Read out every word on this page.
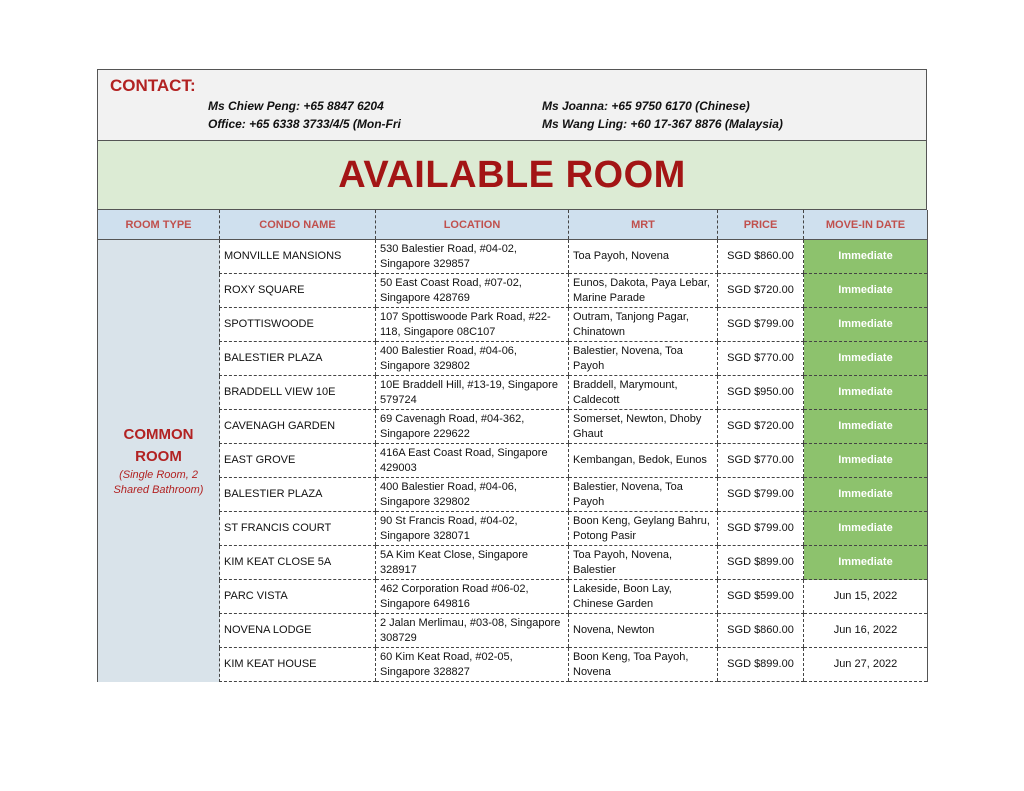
CONTACT:
Ms Chiew Peng: +65 8847 6204
Office: +65 6338 3733/4/5 (Mon-Fri
Ms Joanna: +65 9750 6170 (Chinese)
Ms Wang Ling: +60 17-367 8876 (Malaysia)
AVAILABLE ROOM
ROOM TYPE	CONDO NAME	LOCATION	MRT	PRICE	MOVE-IN DATE

COMMON
ROOM
(Single Room, 2
Shared Bathroom)	MONVILLE MANSIONS	530 Balestier Road, #04-02, Singapore 329857	Toa Payoh, Novena	SGD $860.00	Immediate
	ROXY SQUARE	50 East Coast Road, #07-02, Singapore 428769	Eunos, Dakota, Paya Lebar, Marine Parade	SGD $720.00	Immediate
	SPOTTISWOODE	107 Spottiswoode Park Road, #22-118, Singapore 08C107	Outram, Tanjong Pagar, Chinatown	SGD $799.00	Immediate
	BALESTIER PLAZA	400 Balestier Road, #04-06, Singapore 329802	Balestier, Novena, Toa Payoh	SGD $770.00	Immediate
	BRADDELL VIEW 10E	10E Braddell Hill, #13-19, Singapore 579724	Braddell, Marymount, Caldecott	SGD $950.00	Immediate
	CAVENAGH GARDEN	69 Cavenagh Road, #04-362, Singapore 229622	Somerset, Newton, Dhoby Ghaut	SGD $720.00	Immediate
	EAST GROVE	416A East Coast Road, Singapore 429003	Kembangan, Bedok, Eunos	SGD $770.00	Immediate
	BALESTIER PLAZA	400 Balestier Road, #04-06, Singapore 329802	Balestier, Novena, Toa Payoh	SGD $799.00	Immediate
	ST FRANCIS COURT	90 St Francis Road, #04-02, Singapore 328071	Boon Keng, Geylang Bahru, Potong Pasir	SGD $799.00	Immediate
	KIM KEAT CLOSE 5A	5A Kim Keat Close, Singapore 328917	Toa Payoh, Novena, Balestier	SGD $899.00	Immediate
	PARC VISTA	462 Corporation Road #06-02, Singapore 649816	Lakeside, Boon Lay, Chinese Garden	SGD $599.00	Jun 15, 2022
	NOVENA LODGE	2 Jalan Merlimau, #03-08, Singapore 308729	Novena, Newton	SGD $860.00	Jun 16, 2022
	KIM KEAT HOUSE	60 Kim Keat Road, #02-05, Singapore 328827	Boon Keng, Toa Payoh, Novena	SGD $899.00	Jun 27, 2022
